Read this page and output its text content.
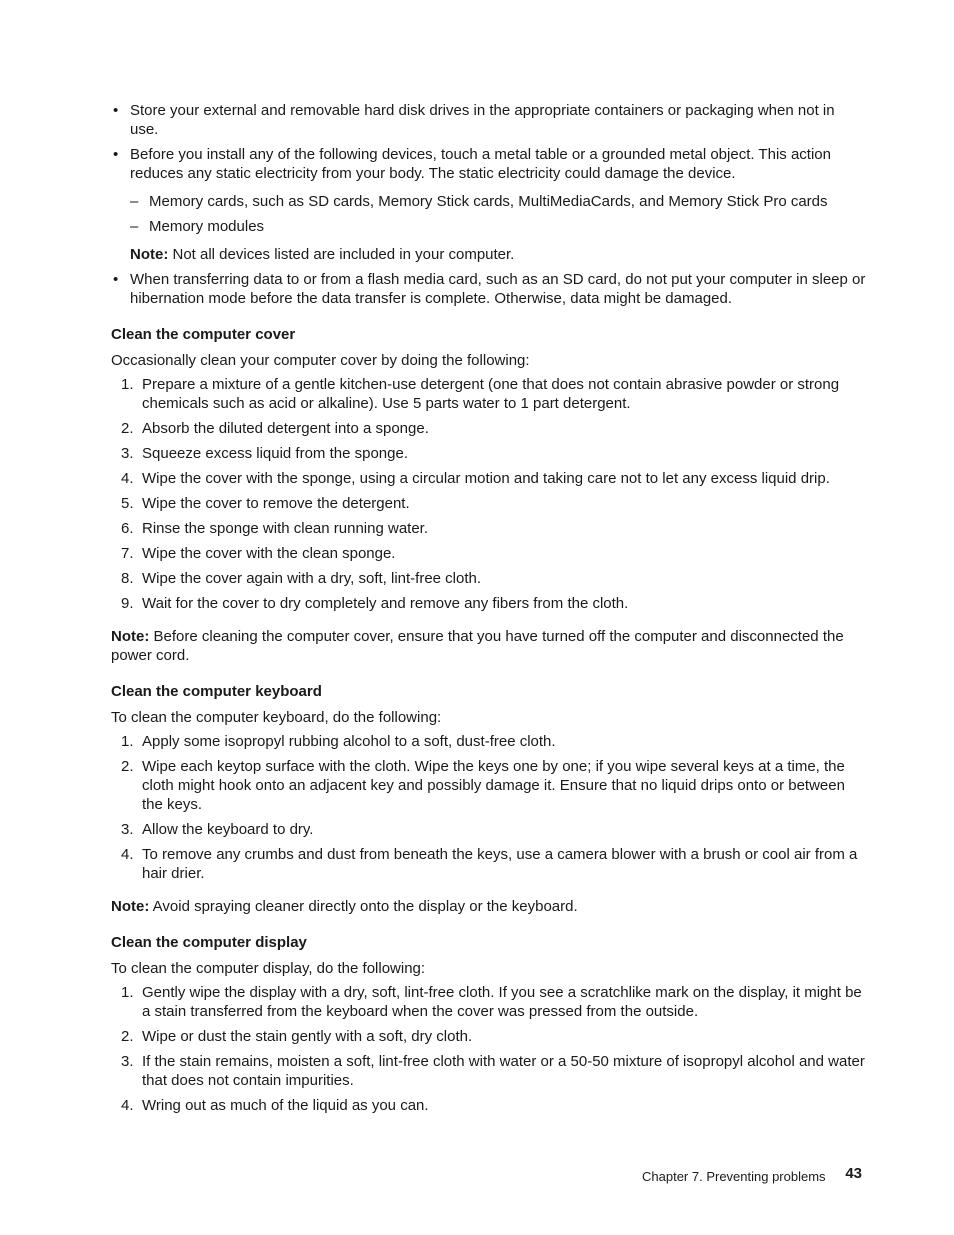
• Store your external and removable hard disk drives in the appropriate containers or packaging when not in use.
• Before you install any of the following devices, touch a metal table or a grounded metal object. This action reduces any static electricity from your body. The static electricity could damage the device.
– Memory cards, such as SD cards, Memory Stick cards, MultiMediaCards, and Memory Stick Pro cards
– Memory modules
Note: Not all devices listed are included in your computer.
• When transferring data to or from a flash media card, such as an SD card, do not put your computer in sleep or hibernation mode before the data transfer is complete. Otherwise, data might be damaged.
Clean the computer cover

Occasionally clean your computer cover by doing the following:

1. Prepare a mixture of a gentle kitchen-use detergent (one that does not contain abrasive powder or strong chemicals such as acid or alkaline). Use 5 parts water to 1 part detergent.
2. Absorb the diluted detergent into a sponge.
3. Squeeze excess liquid from the sponge.
4. Wipe the cover with the sponge, using a circular motion and taking care not to let any excess liquid drip.
5. Wipe the cover to remove the detergent.
6. Rinse the sponge with clean running water.
7. Wipe the cover with the clean sponge.
8. Wipe the cover again with a dry, soft, lint-free cloth.
9. Wait for the cover to dry completely and remove any fibers from the cloth.
Note: Before cleaning the computer cover, ensure that you have turned off the computer and disconnected the power cord.
Clean the computer keyboard

To clean the computer keyboard, do the following:

1. Apply some isopropyl rubbing alcohol to a soft, dust-free cloth.
2. Wipe each keytop surface with the cloth. Wipe the keys one by one; if you wipe several keys at a time, the cloth might hook onto an adjacent key and possibly damage it. Ensure that no liquid drips onto or between the keys.
3. Allow the keyboard to dry.
4. To remove any crumbs and dust from beneath the keys, use a camera blower with a brush or cool air from a hair drier.
Note: Avoid spraying cleaner directly onto the display or the keyboard.
Clean the computer display

To clean the computer display, do the following:

1. Gently wipe the display with a dry, soft, lint-free cloth. If you see a scratchlike mark on the display, it might be a stain transferred from the keyboard when the cover was pressed from the outside.
2. Wipe or dust the stain gently with a soft, dry cloth.
3. If the stain remains, moisten a soft, lint-free cloth with water or a 50-50 mixture of isopropyl alcohol and water that does not contain impurities.
4. Wring out as much of the liquid as you can.
Chapter 7. Preventing problems 43
